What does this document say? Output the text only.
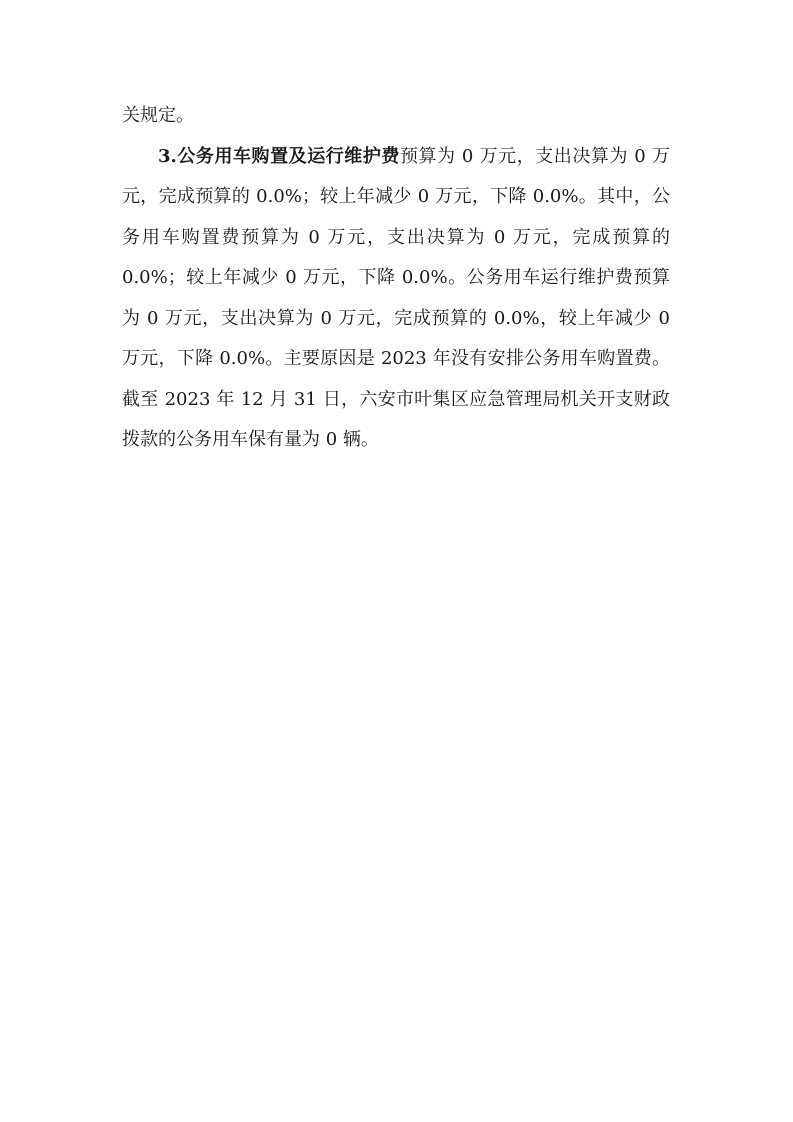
关规定。

3.公务用车购置及运行维护费预算为 0 万元，支出决算为 0 万元，完成预算的 0.0%；较上年减少 0 万元，下降 0.0%。其中，公务用车购置费预算为 0 万元，支出决算为 0 万元，完成预算的 0.0%；较上年减少 0 万元，下降 0.0%。公务用车运行维护费预算为 0 万元，支出决算为 0 万元，完成预算的 0.0%，较上年减少 0 万元，下降 0.0%。主要原因是 2023 年没有安排公务用车购置费。截至 2023 年 12 月 31 日，六安市叶集区应急管理局机关开支财政拨款的公务用车保有量为 0 辆。
